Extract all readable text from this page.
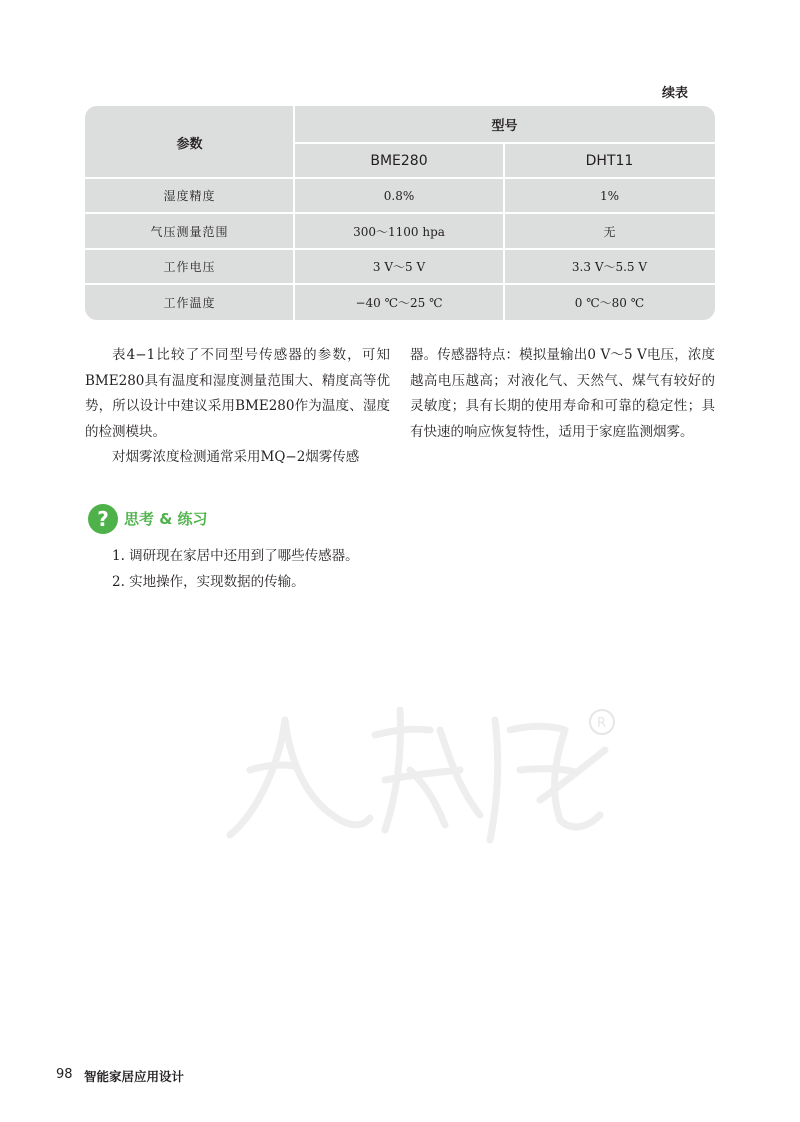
续表
参数
型号
BME280	DHT11
湿度精度	0.8%	1%
气压测量范围	300～1100 hpa	无
工作电压	3 V～5 V	3.3 V～5.5 V
工作温度	−40 ℃～25 ℃	0 ℃～80 ℃

表4−1比较了不同型号传感器的参数，可知BME280具有温度和湿度测量范围大、精度高等优势，所以设计中建议采用BME280作为温度、湿度的检测模块。

对烟雾浓度检测通常采用MQ−2烟雾传感

器。传感器特点：模拟量输出0 V～5 V电压，浓度越高电压越高；对液化气、天然气、煤气有较好的灵敏度；具有长期的使用寿命和可靠的稳定性；具有快速的响应恢复特性，适用于家庭监测烟雾。

?	思考 & 练习
1. 调研现在家居中还用到了哪些传感器。
2. 实地操作，实现数据的传输。
R
98 智能家居应用设计
